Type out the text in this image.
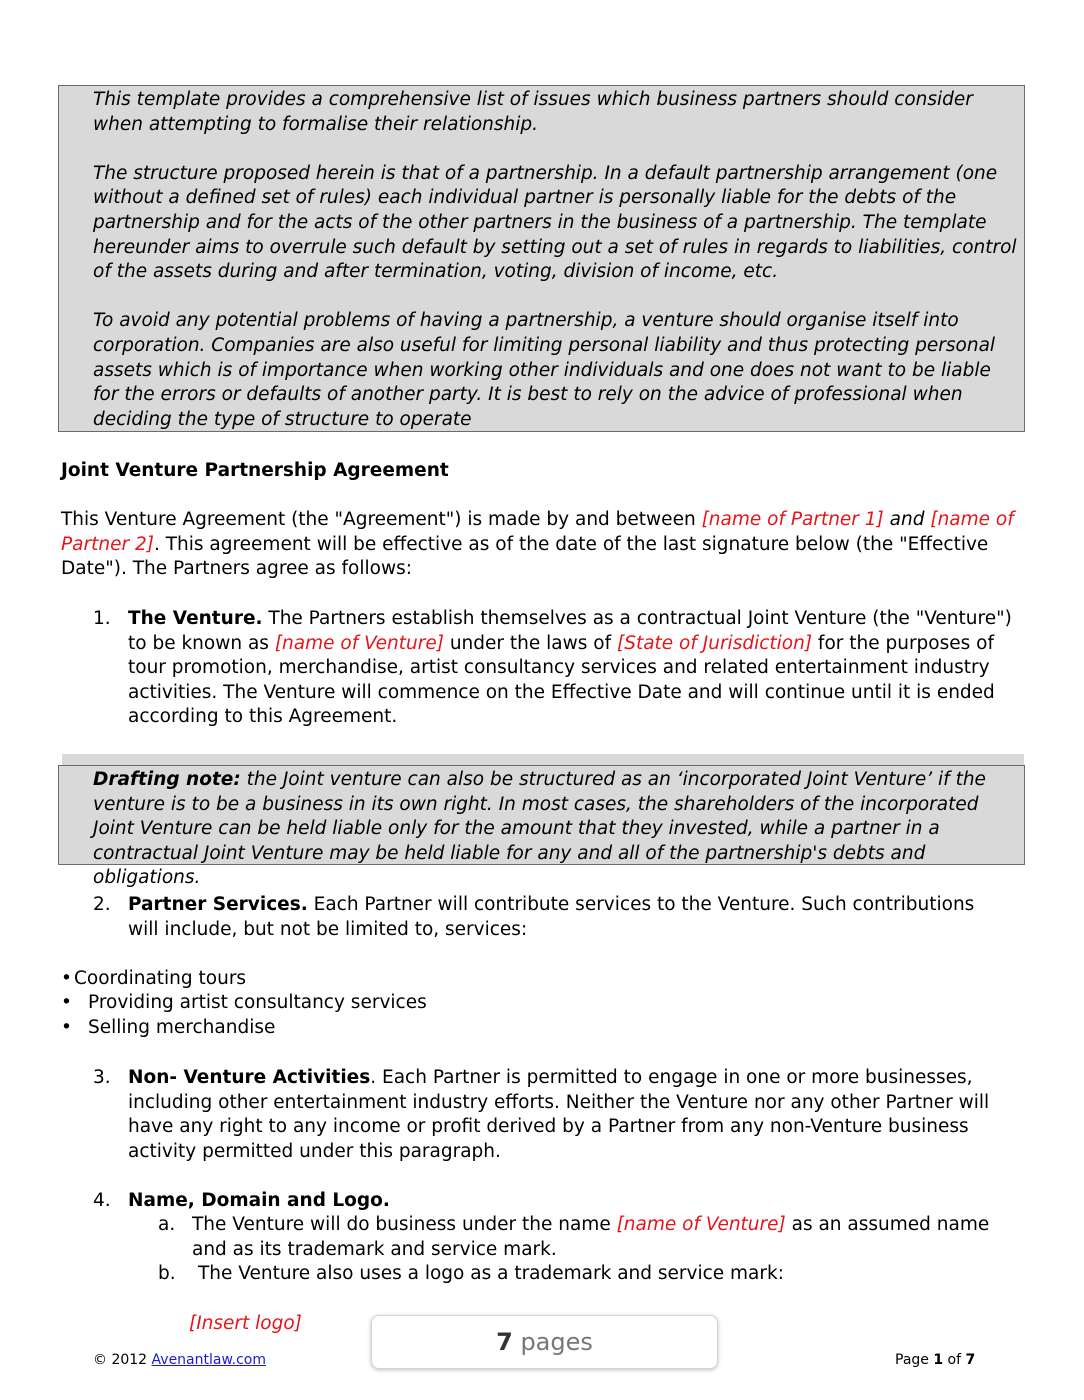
This template provides a comprehensive list of issues which business partners should consider when attempting to formalise their relationship.

The structure proposed herein is that of a partnership. In a default partnership arrangement (one without a defined set of rules) each individual partner is personally liable for the debts of the partnership and for the acts of the other partners in the business of a partnership. The template hereunder aims to overrule such default by setting out a set of rules in regards to liabilities, control of the assets during and after termination, voting, division of income, etc.

To avoid any potential problems of having a partnership, a venture should organise itself into corporation. Companies are also useful for limiting personal liability and thus protecting personal assets which is of importance when working other individuals and one does not want to be liable for the errors or defaults of another party. It is best to rely on the advice of professional when deciding the type of structure to operate

Joint Venture Partnership Agreement

This Venture Agreement (the "Agreement") is made by and between [name of Partner 1] and [name of Partner 2]. This agreement will be effective as of the date of the last signature below (the "Effective Date"). The Partners agree as follows:

1. The Venture. The Partners establish themselves as a contractual Joint Venture (the "Venture") to be known as [name of Venture] under the laws of [State of Jurisdiction] for the purposes of tour promotion, merchandise, artist consultancy services and related entertainment industry activities. The Venture will commence on the Effective Date and will continue until it is ended according to this Agreement.

Drafting note: the Joint venture can also be structured as an ‘incorporated Joint Venture’ if the venture is to be a business in its own right. In most cases, the shareholders of the incorporated Joint Venture can be held liable only for the amount that they invested, while a partner in a contractual Joint Venture may be held liable for any and all of the partnership's debts and obligations.

2. Partner Services. Each Partner will contribute services to the Venture. Such contributions will include, but not be limited to, services:

• Coordinating tours
• Providing artist consultancy services
• Selling merchandise
3. Non- Venture Activities. Each Partner is permitted to engage in one or more businesses, including other entertainment industry efforts. Neither the Venture nor any other Partner will have any right to any income or profit derived by a Partner from any non-Venture business activity permitted under this paragraph.

4. Name, Domain and Logo.
a. The Venture will do business under the name [name of Venture] as an assumed name and as its trademark and service mark.

b. The Venture also uses a logo as a trademark and service mark:
[Insert logo]
© 2012 Avenantlaw.com	Page 1 of 7
7 pages
